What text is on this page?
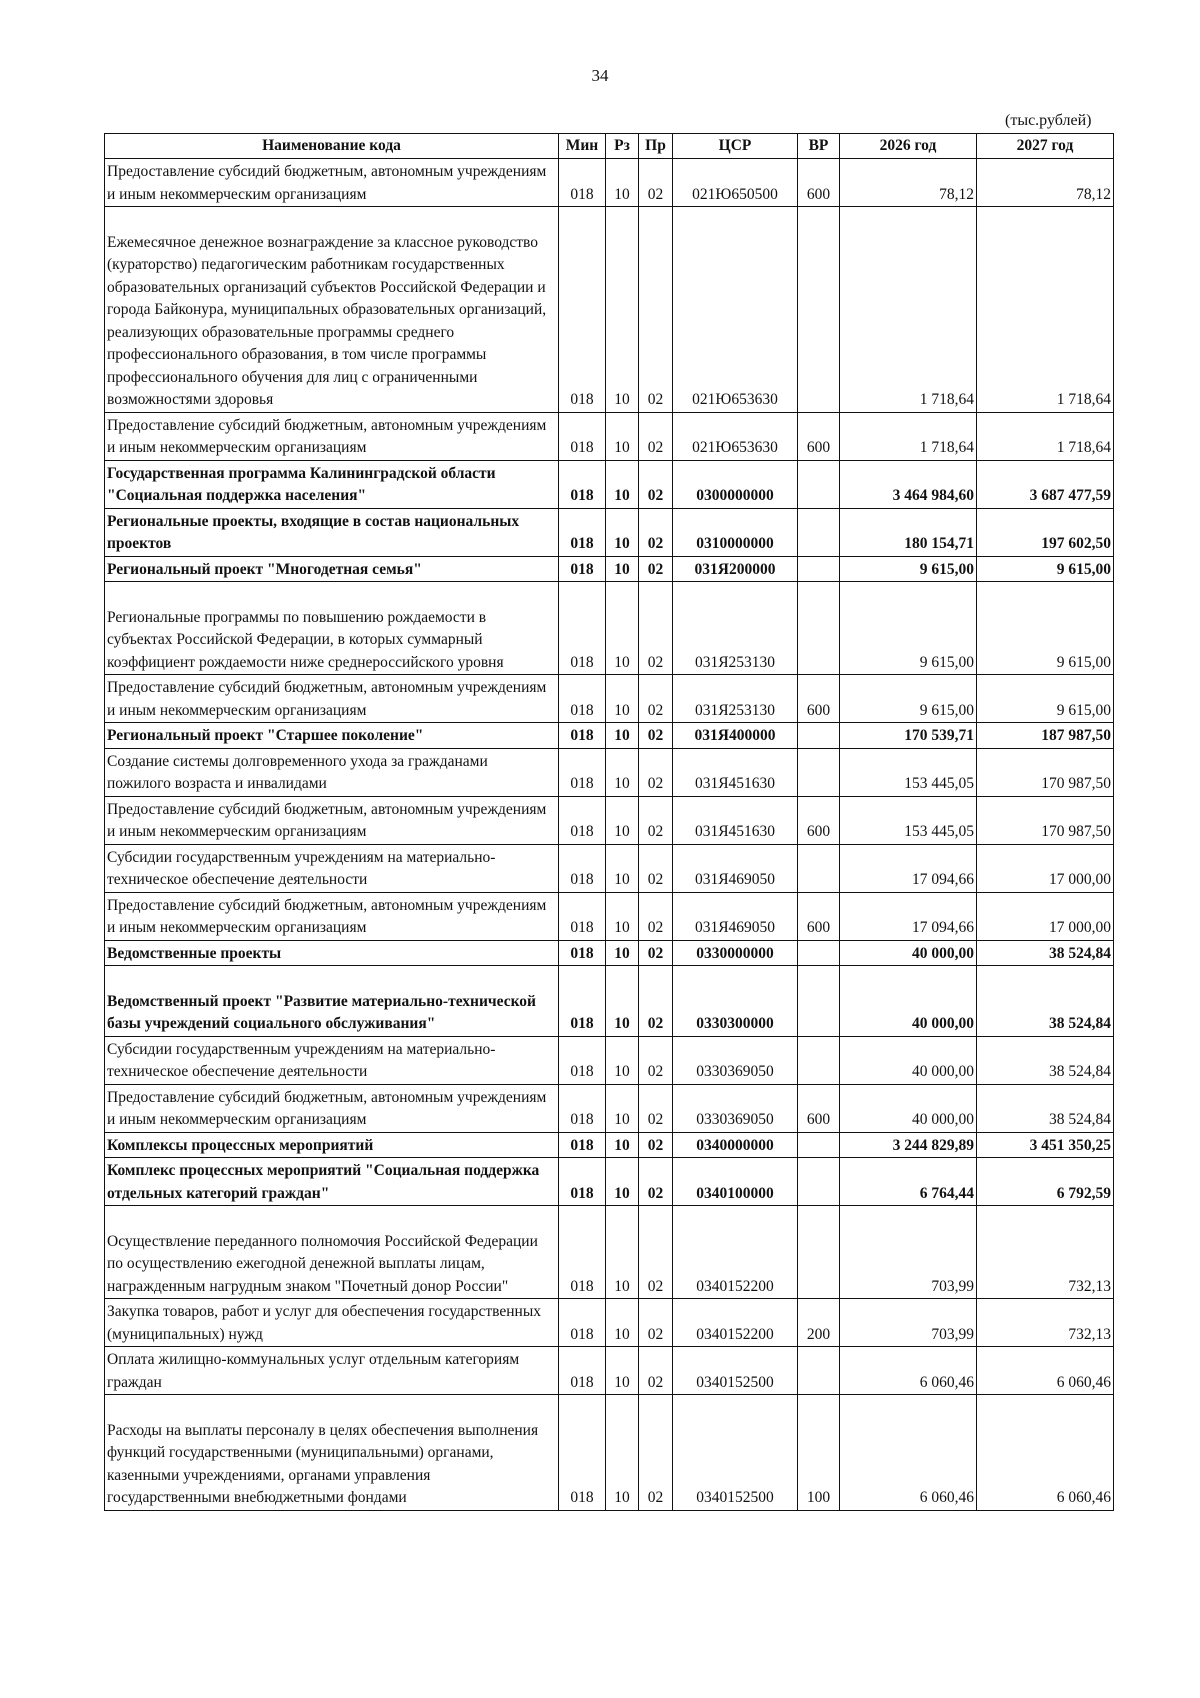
34
(тыс.рублей)
Наименование кода	Мин	Рз	Пр	ЦСР	ВР	2026 год	2027 год
Предоставление субсидий бюджетным, автономным учреждениям и иным некоммерческим организациям	018	10	02	021Ю650500	600	78,12	78,12
Ежемесячное денежное вознаграждение за классное руководство (кураторство) педагогическим работникам государственных образовательных организаций субъектов Российской Федерации и города Байконура, муниципальных образовательных организаций, реализующих образовательные программы среднего профессионального образования, в том числе программы профессионального обучения для лиц с ограниченными возможностями здоровья	018	10	02	021Ю653630		1 718,64	1 718,64
Предоставление субсидий бюджетным, автономным учреждениям и иным некоммерческим организациям	018	10	02	021Ю653630	600	1 718,64	1 718,64
Государственная программа Калининградской области "Социальная поддержка населения"	018	10	02	0300000000		3 464 984,60	3 687 477,59
Региональные проекты, входящие в состав национальных проектов	018	10	02	0310000000		180 154,71	197 602,50
Региональный проект "Многодетная семья"	018	10	02	031Я200000		9 615,00	9 615,00
Региональные программы по повышению рождаемости в субъектах Российской Федерации, в которых суммарный коэффициент рождаемости ниже среднероссийского уровня	018	10	02	031Я253130		9 615,00	9 615,00
Предоставление субсидий бюджетным, автономным учреждениям и иным некоммерческим организациям	018	10	02	031Я253130	600	9 615,00	9 615,00
Региональный проект "Старшее поколение"	018	10	02	031Я400000		170 539,71	187 987,50
Создание системы долговременного ухода за гражданами пожилого возраста и инвалидами	018	10	02	031Я451630		153 445,05	170 987,50
Предоставление субсидий бюджетным, автономным учреждениям и иным некоммерческим организациям	018	10	02	031Я451630	600	153 445,05	170 987,50
Субсидии государственным учреждениям на материально-техническое обеспечение деятельности	018	10	02	031Я469050		17 094,66	17 000,00
Предоставление субсидий бюджетным, автономным учреждениям и иным некоммерческим организациям	018	10	02	031Я469050	600	17 094,66	17 000,00
Ведомственные проекты	018	10	02	0330000000		40 000,00	38 524,84
Ведомственный проект "Развитие материально-технической базы учреждений социального обслуживания"	018	10	02	0330300000		40 000,00	38 524,84
Субсидии государственным учреждениям на материально-техническое обеспечение деятельности	018	10	02	0330369050		40 000,00	38 524,84
Предоставление субсидий бюджетным, автономным учреждениям и иным некоммерческим организациям	018	10	02	0330369050	600	40 000,00	38 524,84
Комплексы процессных мероприятий	018	10	02	0340000000		3 244 829,89	3 451 350,25
Комплекс процессных мероприятий "Социальная поддержка отдельных категорий граждан"	018	10	02	0340100000		6 764,44	6 792,59
Осуществление переданного полномочия Российской Федерации по осуществлению ежегодной денежной выплаты лицам, награжденным нагрудным знаком "Почетный донор России"	018	10	02	0340152200		703,99	732,13
Закупка товаров, работ и услуг для обеспечения государственных (муниципальных) нужд	018	10	02	0340152200	200	703,99	732,13
Оплата жилищно-коммунальных услуг отдельным категориям граждан	018	10	02	0340152500		6 060,46	6 060,46
Расходы на выплаты персоналу в целях обеспечения выполнения функций государственными (муниципальными) органами, казенными учреждениями, органами управления государственными внебюджетными фондами	018	10	02	0340152500	100	6 060,46	6 060,46
